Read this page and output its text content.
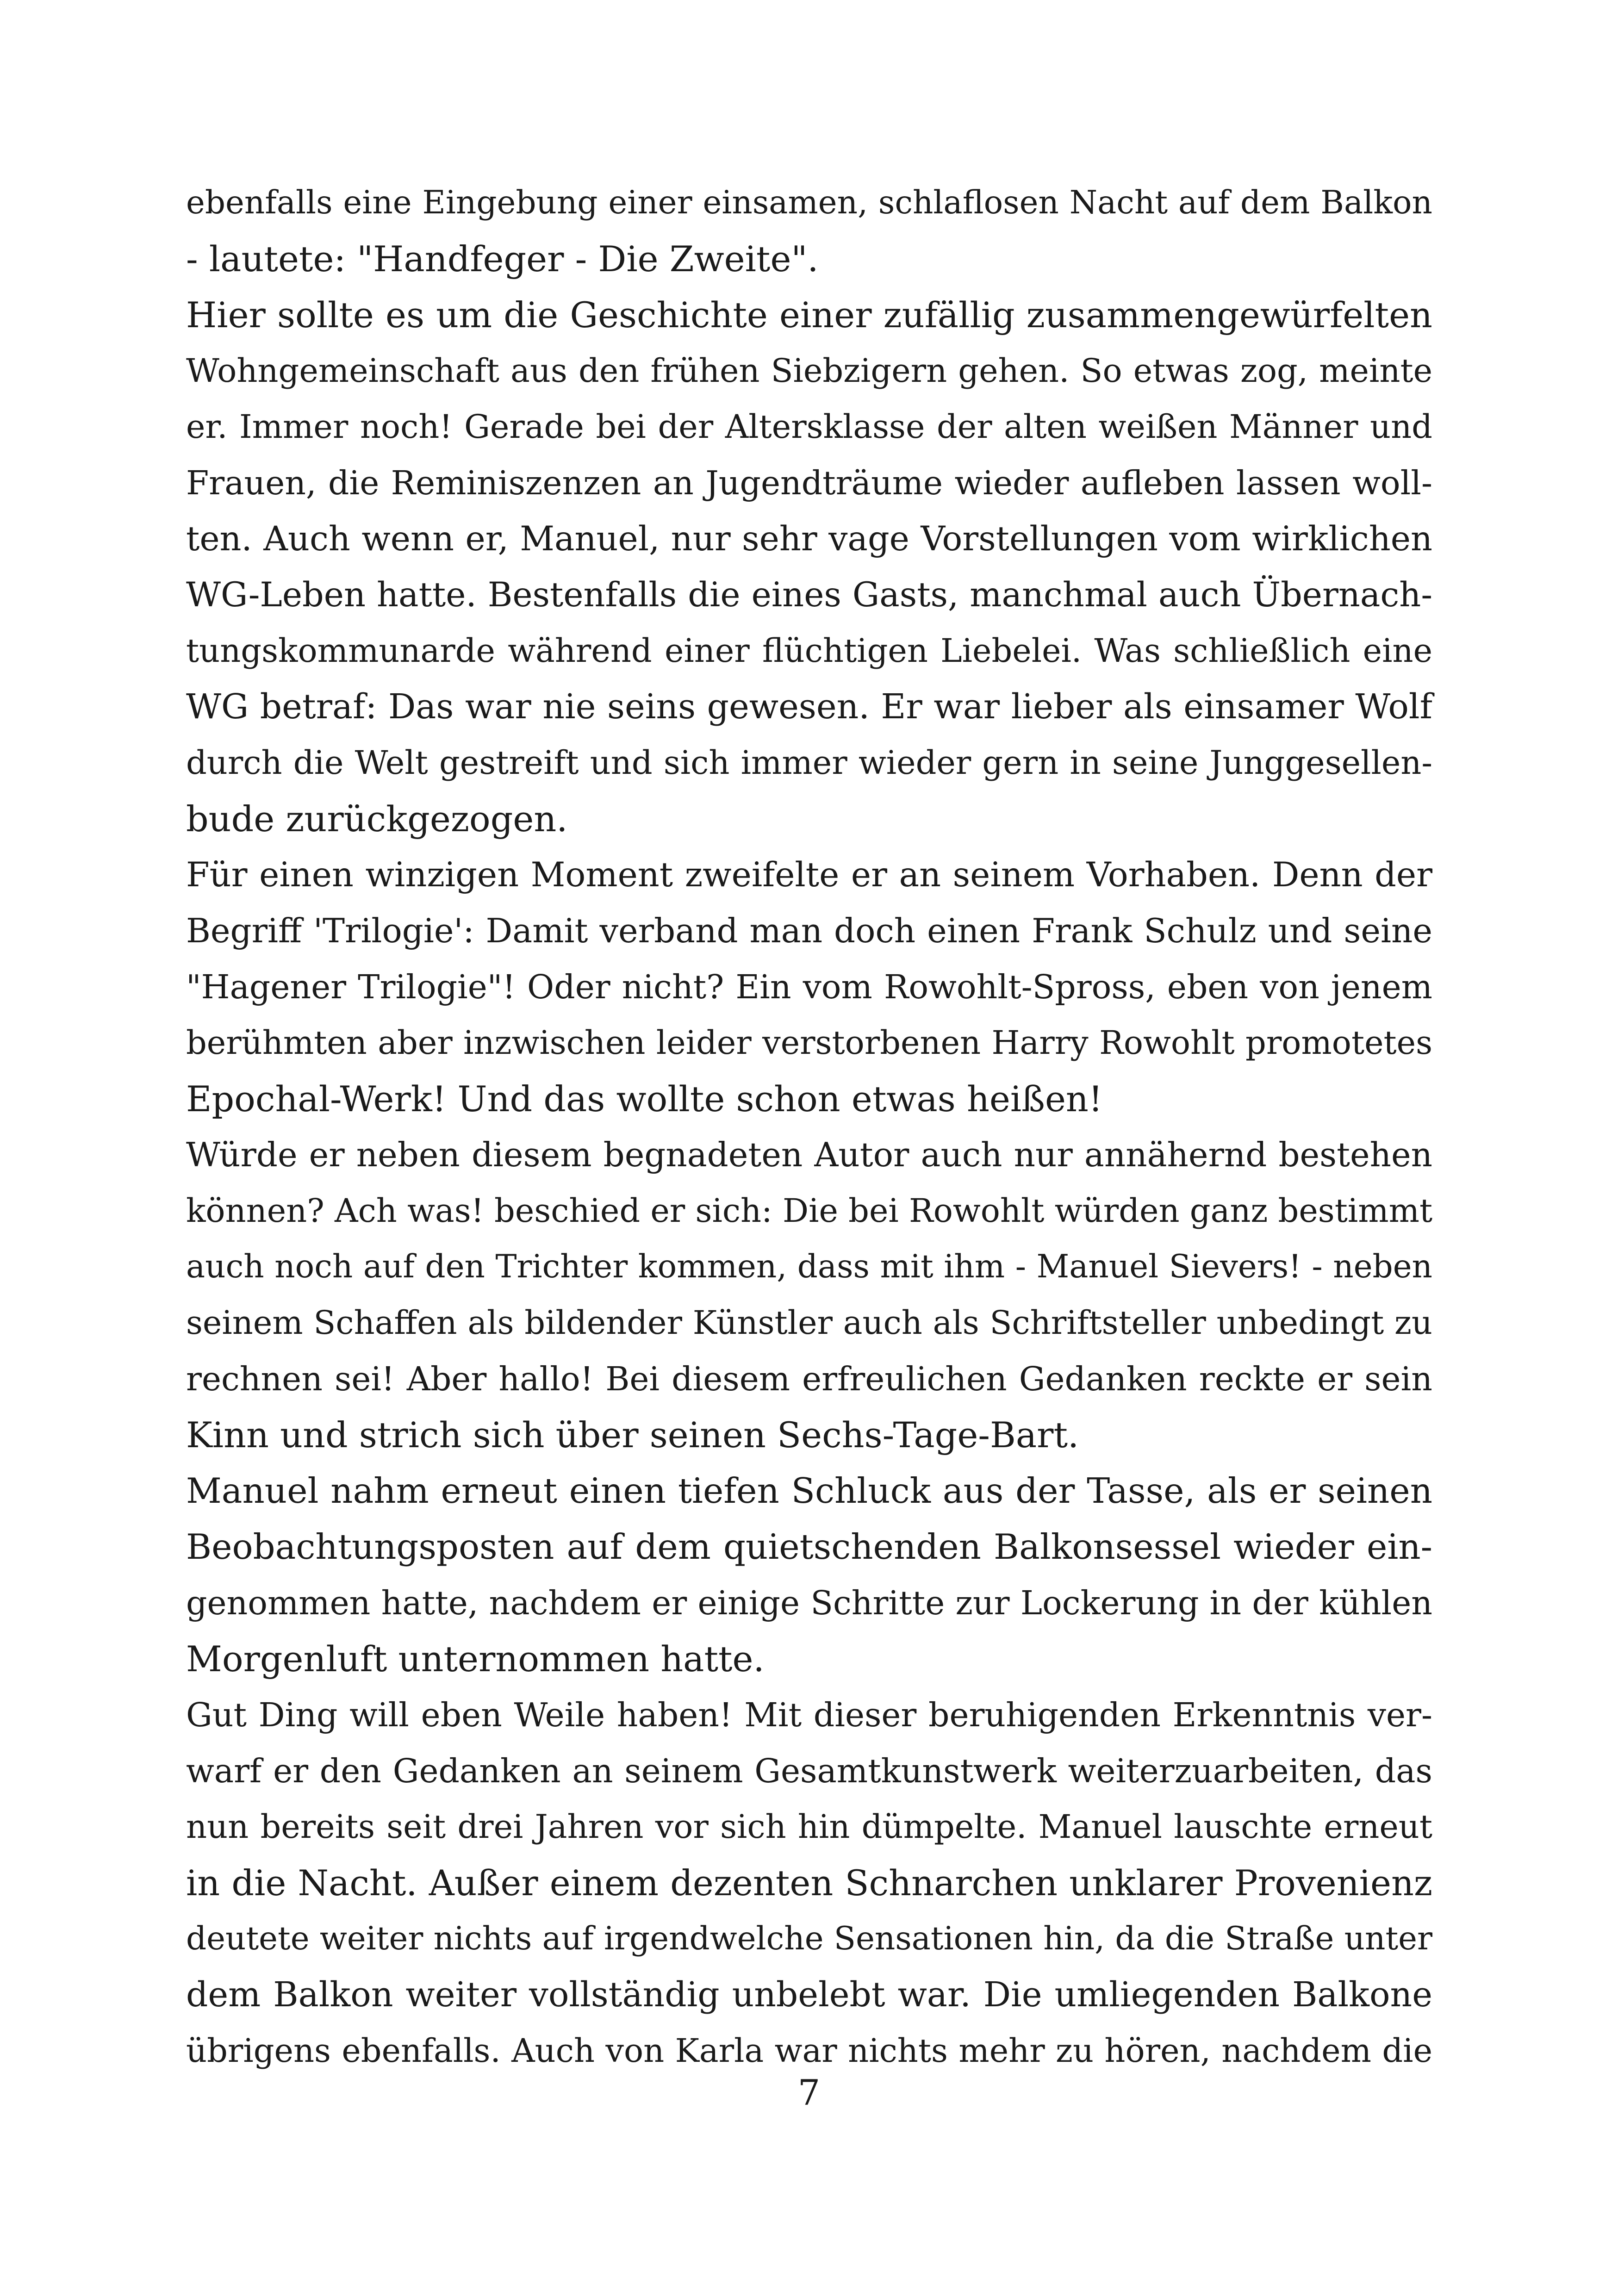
ebenfalls eine Eingebung einer einsamen, schlaflosen Nacht auf dem Balkon
- lautete: "Handfeger - Die Zweite".
Hier sollte es um die Geschichte einer zufällig zusammengewürfelten
Wohngemeinschaft aus den frühen Siebzigern gehen. So etwas zog, meinte
er. Immer noch! Gerade bei der Altersklasse der alten weißen Männer und
Frauen, die Reminiszenzen an Jugendträume wieder aufleben lassen woll-
ten. Auch wenn er, Manuel, nur sehr vage Vorstellungen vom wirklichen
WG-Leben hatte. Bestenfalls die eines Gasts, manchmal auch Übernach-
tungskommunarde während einer flüchtigen Liebelei. Was schließlich eine
WG betraf: Das war nie seins gewesen. Er war lieber als einsamer Wolf
durch die Welt gestreift und sich immer wieder gern in seine Junggesellen-
bude zurückgezogen.
Für einen winzigen Moment zweifelte er an seinem Vorhaben. Denn der
Begriff 'Trilogie': Damit verband man doch einen Frank Schulz und seine
"Hagener Trilogie"! Oder nicht? Ein vom Rowohlt-Spross, eben von jenem
berühmten aber inzwischen leider verstorbenen Harry Rowohlt promotetes
Epochal-Werk! Und das wollte schon etwas heißen!
Würde er neben diesem begnadeten Autor auch nur annähernd bestehen
können? Ach was! beschied er sich: Die bei Rowohlt würden ganz bestimmt
auch noch auf den Trichter kommen, dass mit ihm - Manuel Sievers! - neben
seinem Schaffen als bildender Künstler auch als Schriftsteller unbedingt zu
rechnen sei! Aber hallo! Bei diesem erfreulichen Gedanken reckte er sein
Kinn und strich sich über seinen Sechs-Tage-Bart.
Manuel nahm erneut einen tiefen Schluck aus der Tasse, als er seinen
Beobachtungsposten auf dem quietschenden Balkonsessel wieder ein-
genommen hatte, nachdem er einige Schritte zur Lockerung in der kühlen
Morgenluft unternommen hatte.
Gut Ding will eben Weile haben! Mit dieser beruhigenden Erkenntnis ver-
warf er den Gedanken an seinem Gesamtkunstwerk weiterzuarbeiten, das
nun bereits seit drei Jahren vor sich hin dümpelte. Manuel lauschte erneut
in die Nacht. Außer einem dezenten Schnarchen unklarer Provenienz
deutete weiter nichts auf irgendwelche Sensationen hin, da die Straße unter
dem Balkon weiter vollständig unbelebt war. Die umliegenden Balkone
übrigens ebenfalls. Auch von Karla war nichts mehr zu hören, nachdem die
7
